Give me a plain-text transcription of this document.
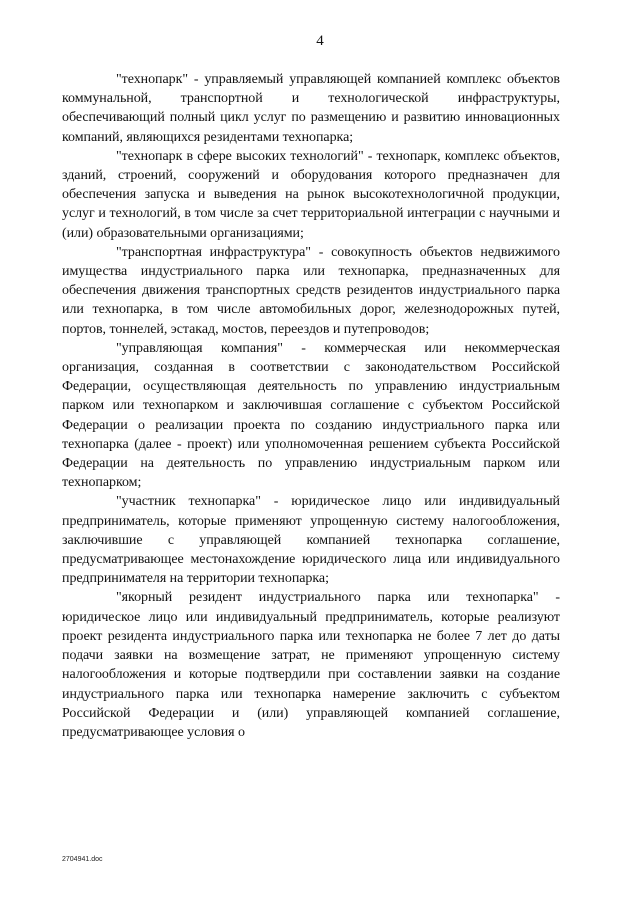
4

"технопарк" - управляемый управляющей компанией комплекс объектов коммунальной, транспортной и технологической инфраструктуры, обеспечивающий полный цикл услуг по размещению и развитию инновационных компаний, являющихся резидентами технопарка;

"технопарк в сфере высоких технологий" - технопарк, комплекс объектов, зданий, строений, сооружений и оборудования которого предназначен для обеспечения запуска и выведения на рынок высокотехнологичной продукции, услуг и технологий, в том числе за счет территориальной интеграции с научными и (или) образовательными организациями;

"транспортная инфраструктура" - совокупность объектов недвижимого имущества индустриального парка или технопарка, предназначенных для обеспечения движения транспортных средств резидентов индустриального парка или технопарка, в том числе автомобильных дорог, железнодорожных путей, портов, тоннелей, эстакад, мостов, переездов и путепроводов;

"управляющая компания" - коммерческая или некоммерческая организация, созданная в соответствии с законодательством Российской Федерации, осуществляющая деятельность по управлению индустриальным парком или технопарком и заключившая соглашение с субъектом Российской Федерации о реализации проекта по созданию индустриального парка или технопарка (далее - проект) или уполномоченная решением субъекта Российской Федерации на деятельность по управлению индустриальным парком или технопарком;

"участник технопарка" - юридическое лицо или индивидуальный предприниматель, которые применяют упрощенную систему налогообложения, заключившие с управляющей компанией технопарка соглашение, предусматривающее местонахождение юридического лица или индивидуального предпринимателя на территории технопарка;

"якорный резидент индустриального парка или технопарка" - юридическое лицо или индивидуальный предприниматель, которые реализуют проект резидента индустриального парка или технопарка не более 7 лет до даты подачи заявки на возмещение затрат, не применяют упрощенную систему налогообложения и которые подтвердили при составлении заявки на создание индустриального парка или технопарка намерение заключить с субъектом Российской Федерации и (или) управляющей компанией соглашение, предусматривающее условия о

2704941.doc
